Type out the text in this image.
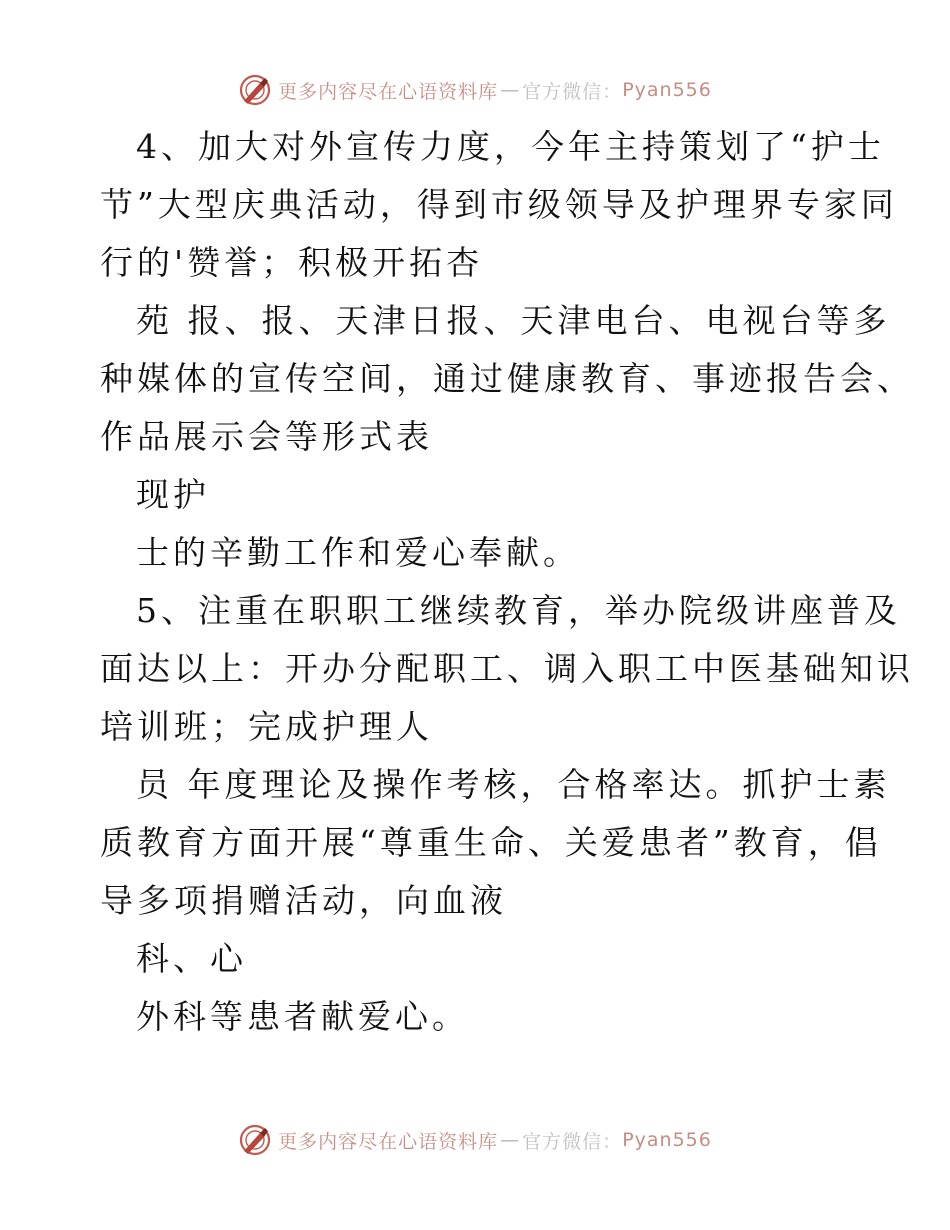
更多内容尽在心语资料库 — 官方微信： Pyan556

4、加大对外宣传力度，今年主持策划了“护士

节”大型庆典活动，得到市级领导及护理界专家同

行的'赞誉；积极开拓杏

苑 报、报、天津日报、天津电台、电视台等多

种媒体的宣传空间，通过健康教育、事迹报告会、

作品展示会等形式表

现护

士的辛勤工作和爱心奉献。

5、注重在职职工继续教育，举办院级讲座普及

面达以上：开办分配职工、调入职工中医基础知识

培训班；完成护理人

员 年度理论及操作考核，合格率达。抓护士素

质教育方面开展“尊重生命、关爱患者”教育，倡

导多项捐赠活动，向血液

科、心

外科等患者献爱心。

更多内容尽在心语资料库 — 官方微信： Pyan556
